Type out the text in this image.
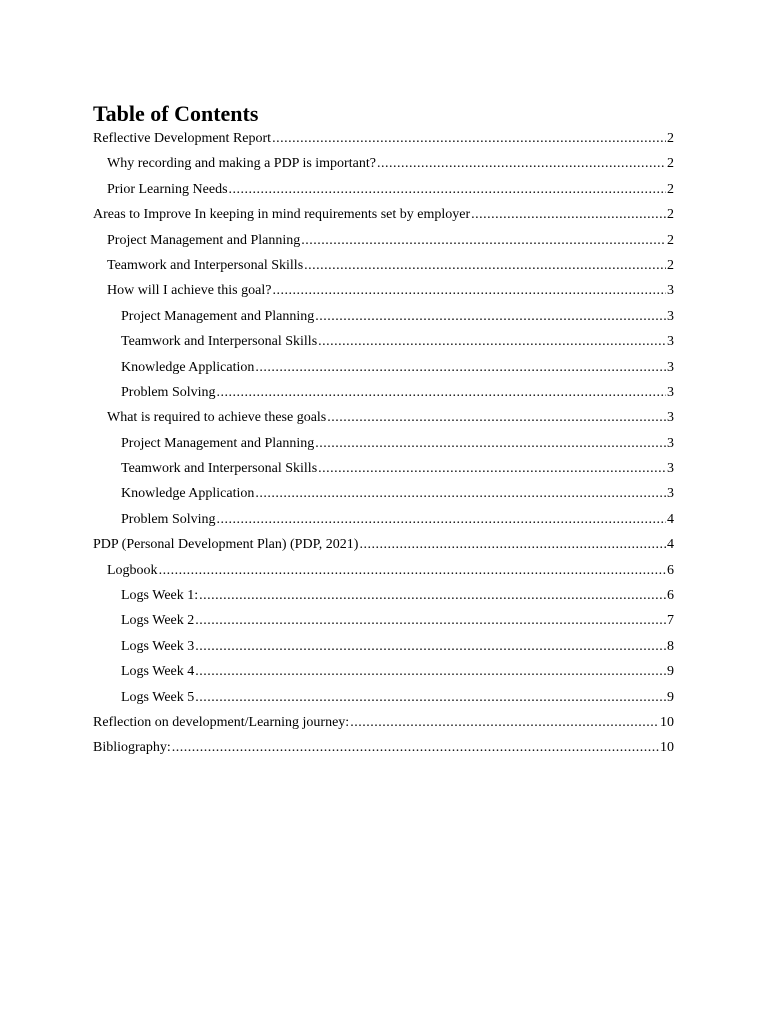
Table of Contents
Reflective Development Report .....	2
Why recording and making a PDP is important? .....	2
Prior Learning Needs .....	2
Areas to Improve In keeping in mind requirements set by employer .....	2
Project Management and Planning .....	2
Teamwork and Interpersonal Skills .....	2
How will I achieve this goal? .....	3
Project Management and Planning .....	3
Teamwork and Interpersonal Skills .....	3
Knowledge Application .....	3
Problem Solving .....	3
What is required to achieve these goals .....	3
Project Management and Planning .....	3
Teamwork and Interpersonal Skills .....	3
Knowledge Application .....	3
Problem Solving .....	4
PDP (Personal Development Plan) (PDP, 2021) .....	4
Logbook .....	6
Logs Week 1: .....	6
Logs Week 2 .....	7
Logs Week 3 .....	8
Logs Week 4 .....	9
Logs Week 5 .....	9
Reflection on development/Learning journey: .....	10
Bibliography: .....	10
